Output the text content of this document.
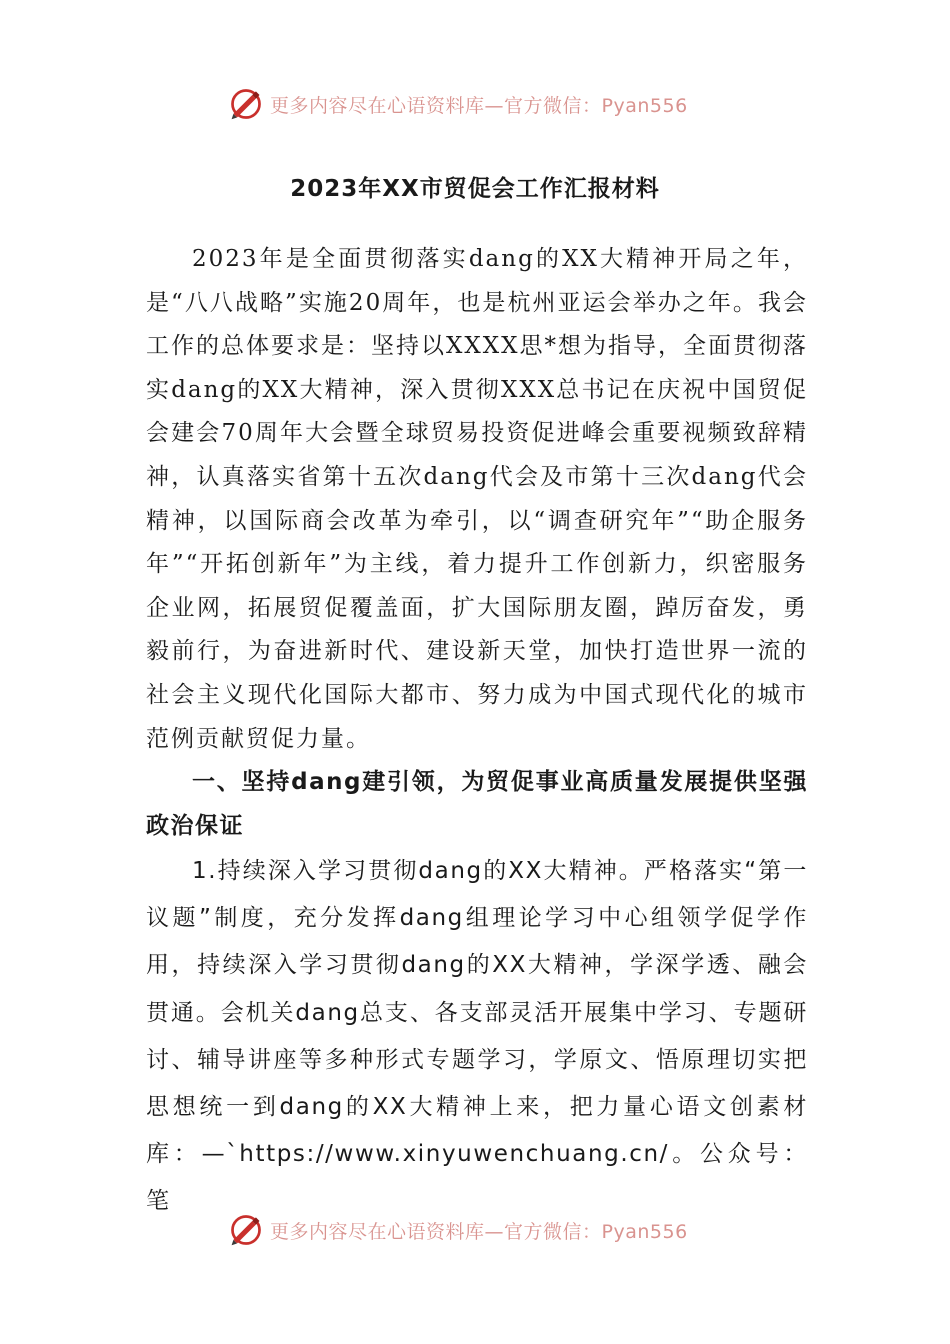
更多内容尽在心语资料库—官方微信：Pyan556
2023年XX市贸促会工作汇报材料

2023年是全面贯彻落实dang的XX大精神开局之年，是“八八战略”实施20周年，也是杭州亚运会举办之年。我会工作的总体要求是：坚持以XXXX思*想为指导，全面贯彻落实dang的XX大精神，深入贯彻XXX总书记在庆祝中国贸促会建会70周年大会暨全球贸易投资促进峰会重要视频致辞精神，认真落实省第十五次dang代会及市第十三次dang代会精神，以国际商会改革为牵引，以“调查研究年”“助企服务年”“开拓创新年”为主线，着力提升工作创新力，织密服务企业网，拓展贸促覆盖面，扩大国际朋友圈，踔厉奋发，勇毅前行，为奋进新时代、建设新天堂，加快打造世界一流的社会主义现代化国际大都市、努力成为中国式现代化的城市范例贡献贸促力量。

一、坚持dang建引领，为贸促事业高质量发展提供坚强政治保证

1.持续深入学习贯彻dang的XX大精神。严格落实“第一议题”制度，充分发挥dang组理论学习中心组领学促学作用，持续深入学习贯彻dang的XX大精神，学深学透、融会贯通。会机关dang总支、各支部灵活开展集中学习、专题研讨、辅导讲座等多种形式专题学习，学原文、悟原理切实把思想统一到dang的XX大精神上来，把力量心语文创素材库：—`https://www.xinyuwenchuang.cn/。公众号：笔

更多内容尽在心语资料库—官方微信：Pyan556
